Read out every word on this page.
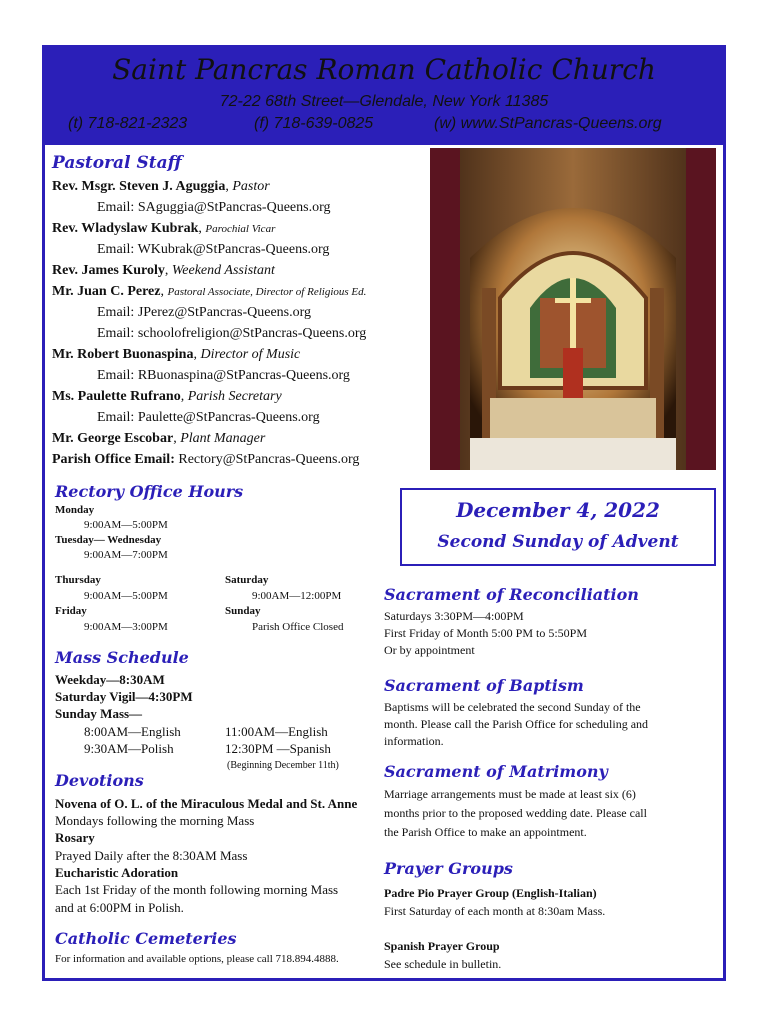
Saint Pancras Roman Catholic Church
72-22 68th Street—Glendale, New York 11385
(t) 718-821-2323	(f) 718-639-0825	(w) www.StPancras-Queens.org
Pastoral Staff
Rev. Msgr. Steven J. Aguggia, Pastor
Email: SAguggia@StPancras-Queens.org
Rev. Wladyslaw Kubrak, Parochial Vicar
Email: WKubrak@StPancras-Queens.org
Rev. James Kuroly, Weekend Assistant
Mr. Juan C. Perez, Pastoral Associate, Director of Religious Ed.
Email: JPerez@StPancras-Queens.org
Email: schoolofreligion@StPancras-Queens.org
Mr. Robert Buonaspina, Director of Music
Email: RBuonaspina@StPancras-Queens.org
Ms. Paulette Rufrano, Parish Secretary
Email: Paulette@StPancras-Queens.org
Mr. George Escobar, Plant Manager
Parish Office Email: Rectory@StPancras-Queens.org
December 4, 2022
Second Sunday of Advent
Rectory Office Hours
Monday
9:00AM—5:00PM
Tuesday— Wednesday
9:00AM—7:00PM
Thursday
9:00AM—5:00PM
Friday
9:00AM—3:00PM
Saturday
9:00AM—12:00PM
Sunday
Parish Office Closed
Mass Schedule
Weekday—8:30AM
Saturday Vigil—4:30PM
Sunday Mass—
8:00AM—English
9:30AM—Polish
11:00AM—English
12:30PM —Spanish
(Beginning December 11th)
Devotions
Novena of O. L. of the Miraculous Medal and St. Anne
Mondays following the morning Mass
Rosary
Prayed Daily after the 8:30AM Mass
Eucharistic Adoration
Each 1st Friday of the month following morning Mass
and at 6:00PM in Polish.
Catholic Cemeteries
For information and available options, please call 718.894.4888.
Sacrament of Reconciliation
Saturdays 3:30PM—4:00PM
First Friday of Month 5:00 PM to 5:50PM
Or by appointment
Sacrament of Baptism
Baptisms will be celebrated the second Sunday of the
month. Please call the Parish Office for scheduling and
information.
Sacrament of Matrimony
Marriage arrangements must be made at least six (6)
months prior to the proposed wedding date. Please call
the Parish Office to make an appointment.
Prayer Groups
Padre Pio Prayer Group (English-Italian)
First Saturday of each month at 8:30am Mass.
Spanish Prayer Group
See schedule in bulletin.
